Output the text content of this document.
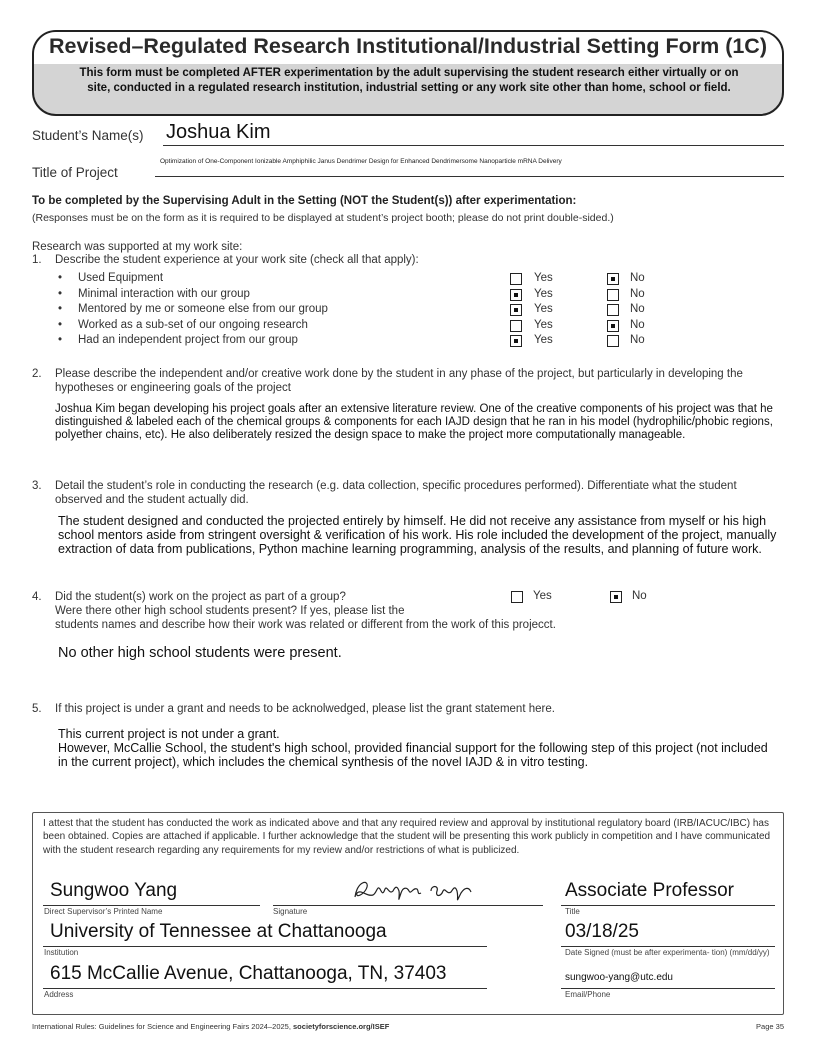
Revised–Regulated Research Institutional/Industrial Setting Form (1C)
This form must be completed AFTER experimentation by the adult supervising the student research either virtually or on site, conducted in a regulated research institution, industrial setting or any work site other than home, school or field.
Student’s Name(s) Joshua Kim
Title of Project
Optimization of One-Component Ionizable Amphiphilic Janus Dendrimer Design for Enhanced Dendrimersome Nanoparticle mRNA Delivery
To be completed by the Supervising Adult in the Setting (NOT the Student(s)) after experimentation:
(Responses must be on the form as it is required to be displayed at student’s project booth; please do not print double-sided.)
Research was supported at my work site:
1. Describe the student experience at your work site (check all that apply):
• Used Equipment	Yes	No
• Minimal interaction with our group	Yes	No
• Mentored by me or someone else from our group	Yes	No
• Worked as a sub-set of our ongoing research	Yes	No
• Had an independent project from our group	Yes	No
2. Please describe the independent and/or creative work done by the student in any phase of the project, but particularly in developing the hypotheses or engineering goals of the project
Joshua Kim began developing his project goals after an extensive literature review. One of the creative components of his project was that he distinguished & labeled each of the chemical groups & components for each IAJD design that he ran in his model (hydrophilic/phobic regions, polyether chains, etc). He also deliberately resized the design space to make the project more computationally manageable.
3. Detail the student’s role in conducting the research (e.g. data collection, specific procedures performed). Differentiate what the student observed and the student actually did.
The student designed and conducted the projected entirely by himself. He did not receive any assistance from myself or his high school mentors aside from stringent oversight & verification of his work. His role included the development of the project, manually extraction of data from publications, Python machine learning programming, analysis of the results, and planning of future work.
4. Did the student(s) work on the project as part of a group?	Yes	No
Were there other high school students present? If yes, please list the
students names and describe how their work was related or different from the work of this projecct.
No other high school students were present.
5. If this project is under a grant and needs to be acknolwedged, please list the grant statement here.
This current project is not under a grant.
However, McCallie School, the student's high school, provided financial support for the following step of this project (not included in the current project), which includes the chemical synthesis of the novel IAJD & in vitro testing.
I attest that the student has conducted the work as indicated above and that any required review and approval by institutional regulatory board (IRB/IACUC/IBC) has been obtained. Copies are attached if applicable. I further acknowledge that the student will be presenting this work publicly in competition and I have communicated with the student research regarding any requirements for my review and/or restrictions of what is publicized.
Sungwoo Yang
Direct Supervisor’s Printed Name	Signature
Associate Professor
Title
University of Tennessee at Chattanooga
Institution
03/18/25
Date Signed (must be after experimenta- tion) (mm/dd/yy)
615 McCallie Avenue, Chattanooga, TN, 37403
Address
sungwoo-yang@utc.edu
Email/Phone
International Rules: Guidelines for Science and Engineering Fairs 2024–2025, societyforscience.org/ISEF	Page 35
